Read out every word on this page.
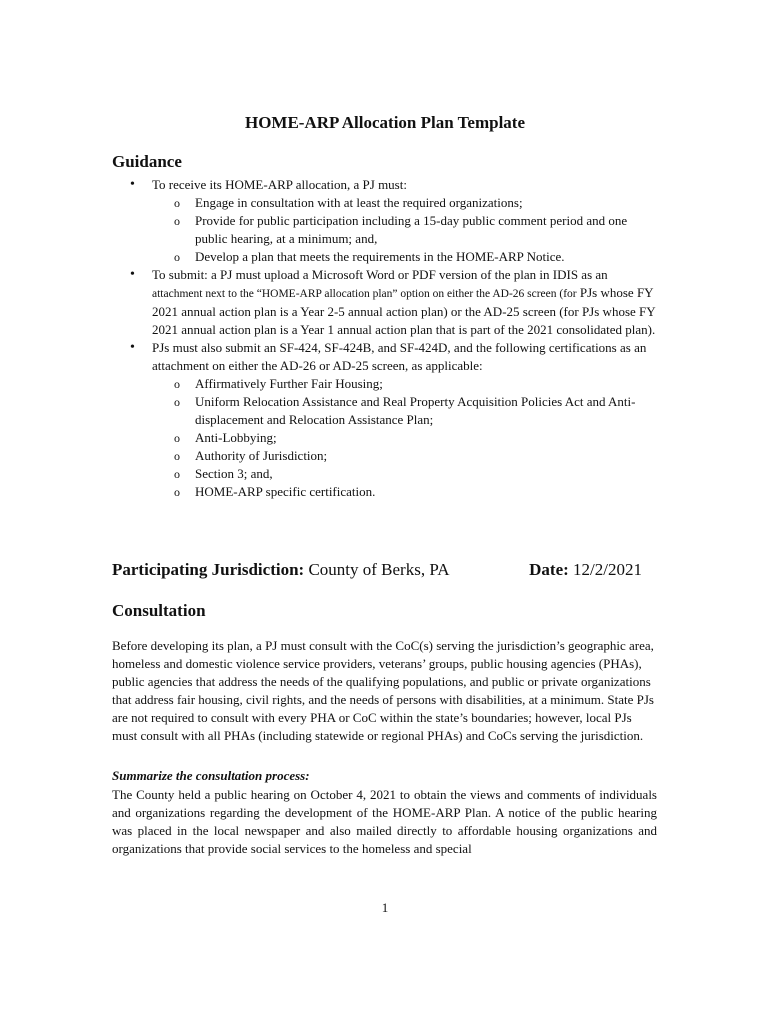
HOME-ARP Allocation Plan Template
Guidance
• To receive its HOME-ARP allocation, a PJ must:
o Engage in consultation with at least the required organizations;
o Provide for public participation including a 15-day public comment period and one public hearing, at a minimum; and,
o Develop a plan that meets the requirements in the HOME-ARP Notice.
• To submit: a PJ must upload a Microsoft Word or PDF version of the plan in IDIS as an attachment next to the “HOME-ARP allocation plan” option on either the AD-26 screen (for PJs whose FY 2021 annual action plan is a Year 2-5 annual action plan) or the AD-25 screen (for PJs whose FY 2021 annual action plan is a Year 1 annual action plan that is part of the 2021 consolidated plan).
• PJs must also submit an SF-424, SF-424B, and SF-424D, and the following certifications as an attachment on either the AD-26 or AD-25 screen, as applicable:
o Affirmatively Further Fair Housing;
o Uniform Relocation Assistance and Real Property Acquisition Policies Act and Anti-displacement and Relocation Assistance Plan;
o Anti-Lobbying;
o Authority of Jurisdiction;
o Section 3; and,
o HOME-ARP specific certification.
Participating Jurisdiction: County of Berks, PA	Date: 12/2/2021
Consultation

Before developing its plan, a PJ must consult with the CoC(s) serving the jurisdiction’s geographic area, homeless and domestic violence service providers, veterans’ groups, public housing agencies (PHAs), public agencies that address the needs of the qualifying populations, and public or private organizations that address fair housing, civil rights, and the needs of persons with disabilities, at a minimum. State PJs are not required to consult with every PHA or CoC within the state’s boundaries; however, local PJs must consult with all PHAs (including statewide or regional PHAs) and CoCs serving the jurisdiction.

Summarize the consultation process:

The County held a public hearing on October 4, 2021 to obtain the views and comments of individuals and organizations regarding the development of the HOME-ARP Plan. A notice of the public hearing was placed in the local newspaper and also mailed directly to affordable housing organizations and organizations that provide social services to the homeless and special

1
